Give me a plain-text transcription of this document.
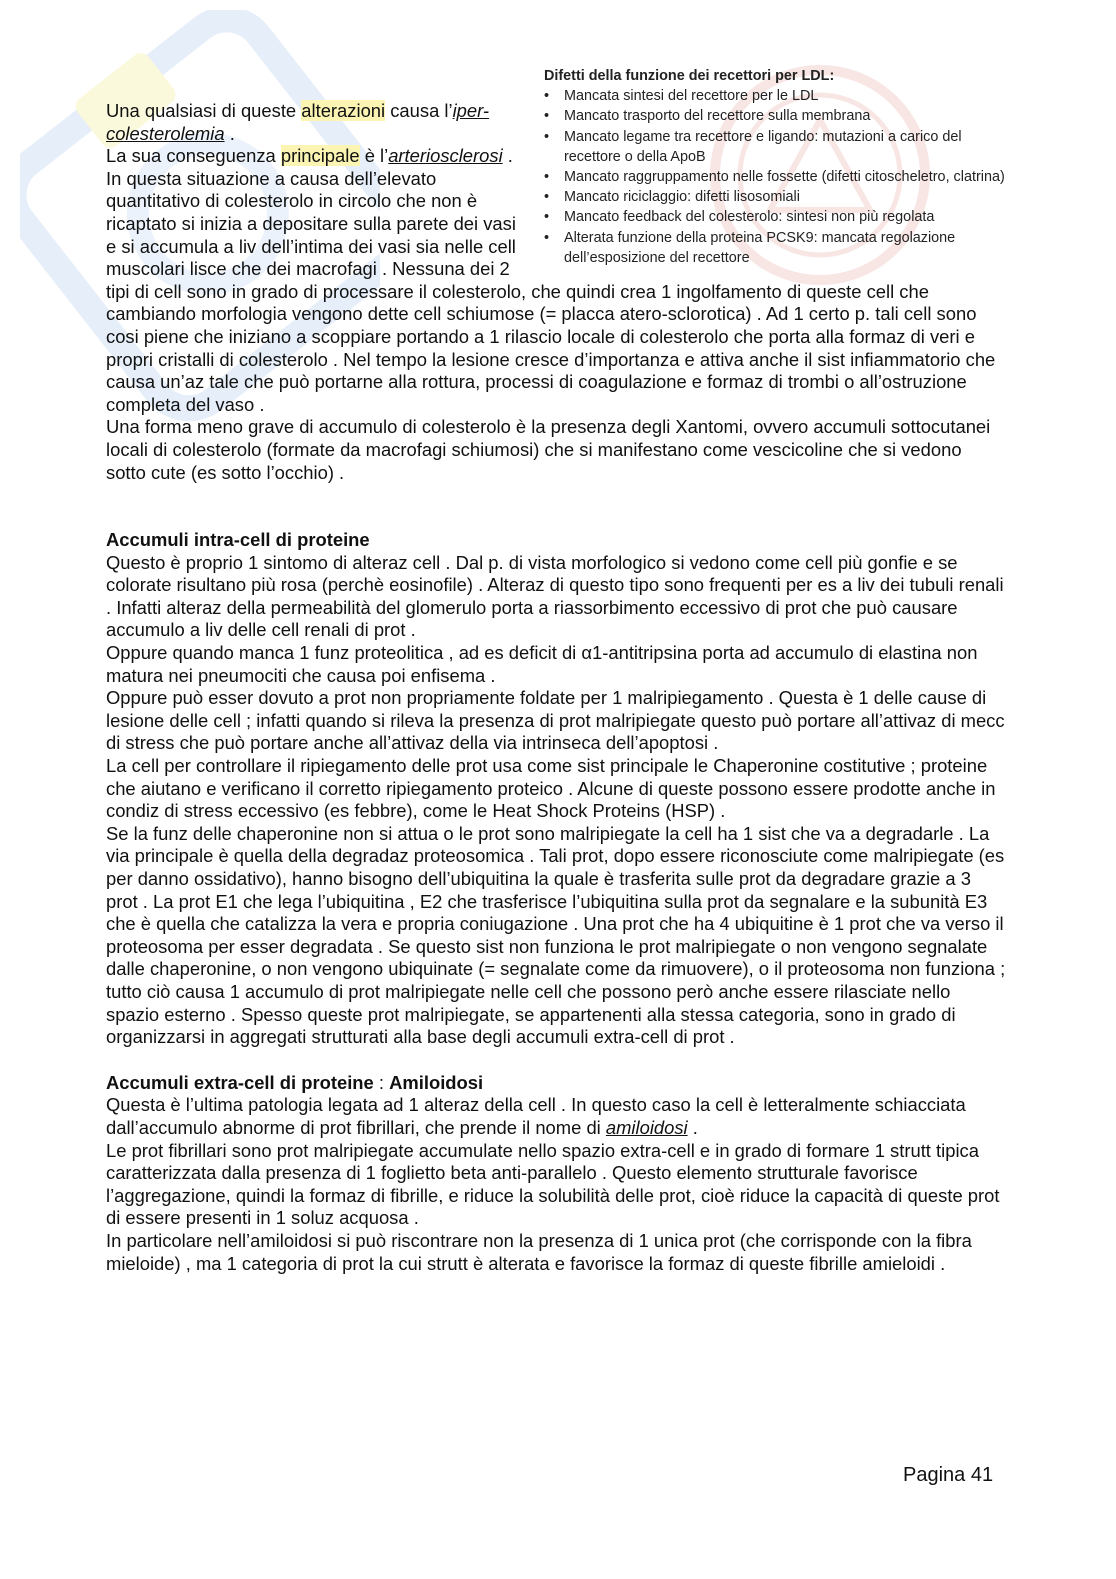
Difetti della funzione dei recettori per LDL:
• Mancata sintesi del recettore per le LDL
• Mancato trasporto del recettore sulla membrana
• Mancato legame tra recettore e ligando: mutazioni a carico del recettore o della ApoB
• Mancato raggruppamento nelle fossette (difetti citoscheletro, clatrina)
• Mancato riciclaggio: difetti lisosomiali
• Mancato feedback del colesterolo: sintesi non più regolata
• Alterata funzione della proteina PCSK9: mancata regolazione dell’esposizione del recettore

Una qualsiasi di queste alterazioni causa l’iper-colesterolemia .

La sua conseguenza principale è l’arteriosclerosi . In questa situazione a causa dell’elevato quantitativo di colesterolo in circolo che non è ricaptato si inizia a depositare sulla parete dei vasi e si accumula a liv dell’intima dei vasi sia nelle cell muscolari lisce che dei macrofagi . Nessuna dei 2 tipi di cell sono in grado di processare il colesterolo, che quindi crea 1 ingolfamento di queste cell che cambiando morfologia vengono dette cell schiumose (= placca atero-sclorotica) . Ad 1 certo p. tali cell sono cosi piene che iniziano a scoppiare portando a 1 rilascio locale di colesterolo che porta alla formaz di veri e propri cristalli di colesterolo . Nel tempo la lesione cresce d’importanza e attiva anche il sist infiammatorio che causa un’az tale che può portarne alla rottura, processi di coagulazione e formaz di trombi o all’ostruzione completa del vaso .

Una forma meno grave di accumulo di colesterolo è la presenza degli Xantomi, ovvero accumuli sottocutanei locali di colesterolo (formate da macrofagi schiumosi) che si manifestano come vescicoline che si vedono sotto cute (es sotto l’occhio) .

Accumuli intra-cell di proteine

Questo è proprio 1 sintomo di alteraz cell . Dal p. di vista morfologico si vedono come cell più gonfie e se colorate risultano più rosa (perchè eosinofile) . Alteraz di questo tipo sono frequenti per es a liv dei tubuli renali . Infatti alteraz della permeabilità del glomerulo porta a riassorbimento eccessivo di prot che può causare accumulo a liv delle cell renali di prot .

Oppure quando manca 1 funz proteolitica , ad es deficit di α1-antitripsina porta ad accumulo di elastina non matura nei pneumociti che causa poi enfisema .

Oppure può esser dovuto a prot non propriamente foldate per 1 malripiegamento . Questa è 1 delle cause di lesione delle cell ; infatti quando si rileva la presenza di prot malripiegate questo può portare all’attivaz di mecc di stress che può portare anche all’attivaz della via intrinseca dell’apoptosi .

La cell per controllare il ripiegamento delle prot usa come sist principale le Chaperonine costitutive ; proteine che aiutano e verificano il corretto ripiegamento proteico . Alcune di queste possono essere prodotte anche in condiz di stress eccessivo (es febbre), come le Heat Shock Proteins (HSP) .

Se la funz delle chaperonine non si attua o le prot sono malripiegate la cell ha 1 sist che va a degradarle . La via principale è quella della degradaz proteosomica . Tali prot, dopo essere riconosciute come malripiegate (es per danno ossidativo), hanno bisogno dell’ubiquitina la quale è trasferita sulle prot da degradare grazie a 3 prot . La prot E1 che lega l’ubiquitina , E2 che trasferisce l’ubiquitina sulla prot da segnalare e la subunità E3 che è quella che catalizza la vera e propria coniugazione . Una prot che ha 4 ubiquitine è 1 prot che va verso il proteosoma per esser degradata . Se questo sist non funziona le prot malripiegate o non vengono segnalate dalle chaperonine, o non vengono ubiquinate (= segnalate come da rimuovere), o il proteosoma non funziona ; tutto ciò causa 1 accumulo di prot malripiegate nelle cell che possono però anche essere rilasciate nello spazio esterno . Spesso queste prot malripiegate, se appartenenti alla stessa categoria, sono in grado di organizzarsi in aggregati strutturati alla base degli accumuli extra-cell di prot .

Accumuli extra-cell di proteine : Amiloidosi

Questa è l’ultima patologia legata ad 1 alteraz della cell . In questo caso la cell è letteralmente schiacciata dall’accumulo abnorme di prot fibrillari, che prende il nome di amiloidosi .

Le prot fibrillari sono prot malripiegate accumulate nello spazio extra-cell e in grado di formare 1 strutt tipica caratterizzata dalla presenza di 1 foglietto beta anti-parallelo . Questo elemento strutturale favorisce l’aggregazione, quindi la formaz di fibrille, e riduce la solubilità delle prot, cioè riduce la capacità di queste prot di essere presenti in 1 soluz acquosa .

In particolare nell’amiloidosi si può riscontrare non la presenza di 1 unica prot (che corrisponde con la fibra mieloide) , ma 1 categoria di prot la cui strutt è alterata e favorisce la formaz di queste fibrille amieloidi .

Pagina 41
